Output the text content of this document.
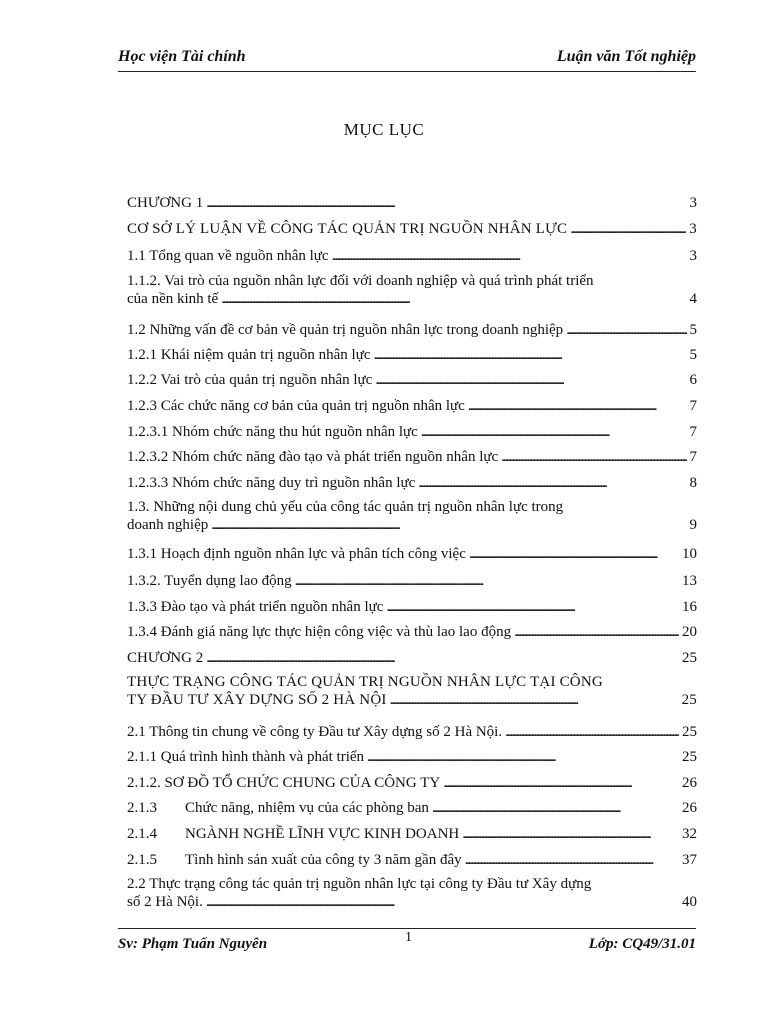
Học viện Tài chính	Luận văn Tốt nghiệp
MỤC LỤC
CHƯƠNG 1 . . .	3
CƠ SỞ LÝ LUẬN VỀ CÔNG TÁC QUẢN TRỊ NGUỒN NHÂN LỰC . . .	3
1.1 Tổng quan về nguồn nhân lực . . .	3
1.1.2. Vai trò của nguồn nhân lực đối với doanh nghiệp và quá trình phát triển
của nền kinh tế . . .	4
1.2 Những vấn đề cơ bản về quản trị nguồn nhân lực trong doanh nghiệp . . .	5
1.2.1 Khái niệm quản trị nguồn nhân lực . . .	5
1.2.2 Vai trò của quản trị nguồn nhân lực . . .	6
1.2.3 Các chức năng cơ bản của quản trị nguồn nhân lực . . .	7
1.2.3.1 Nhóm chức năng thu hút nguồn nhân lực . . .	7
1.2.3.2 Nhóm chức năng đào tạo và phát triển nguồn nhân lực . . .	7
1.2.3.3 Nhóm chức năng duy trì nguồn nhân lực . . .	8
1.3. Những nội dung chủ yếu của công tác quản trị nguồn nhân lực trong
doanh nghiệp . . .	9
1.3.1 Hoạch định nguồn nhân lực và phân tích công việc . . .	10
1.3.2. Tuyển dụng lao động . . .	13
1.3.3 Đào tạo và phát triển nguồn nhân lực . . .	16
1.3.4 Đánh giá năng lực thực hiện công việc và thù lao lao động . . .	20
CHƯƠNG 2 . . .	25
THỰC TRẠNG CÔNG TÁC QUẢN TRỊ NGUỒN NHÂN LỰC TẠI CÔNG
TY ĐẦU TƯ XÂY DỰNG SỐ 2 HÀ NỘI . . .	25
2.1 Thông tin chung về công ty Đầu tư Xây dựng số 2 Hà Nội. . . .	25
2.1.1 Quá trình hình thành và phát triển . . .	25
2.1.2. SƠ ĐỒ TỔ CHỨC CHUNG CỦA CÔNG TY . . .	26
2.1.3 Chức năng, nhiệm vụ của các phòng ban . . .	26
2.1.4 NGÀNH NGHỀ LĨNH VỰC KINH DOANH . . .	32
2.1.5 Tình hình sản xuất của công ty 3 năm gần đây . . .	37
2.2 Thực trạng công tác quản trị nguồn nhân lực tại công ty Đầu tư Xây dựng
số 2 Hà Nội. . . .	40
Sv: Phạm Tuấn Nguyên	1	Lớp: CQ49/31.01
